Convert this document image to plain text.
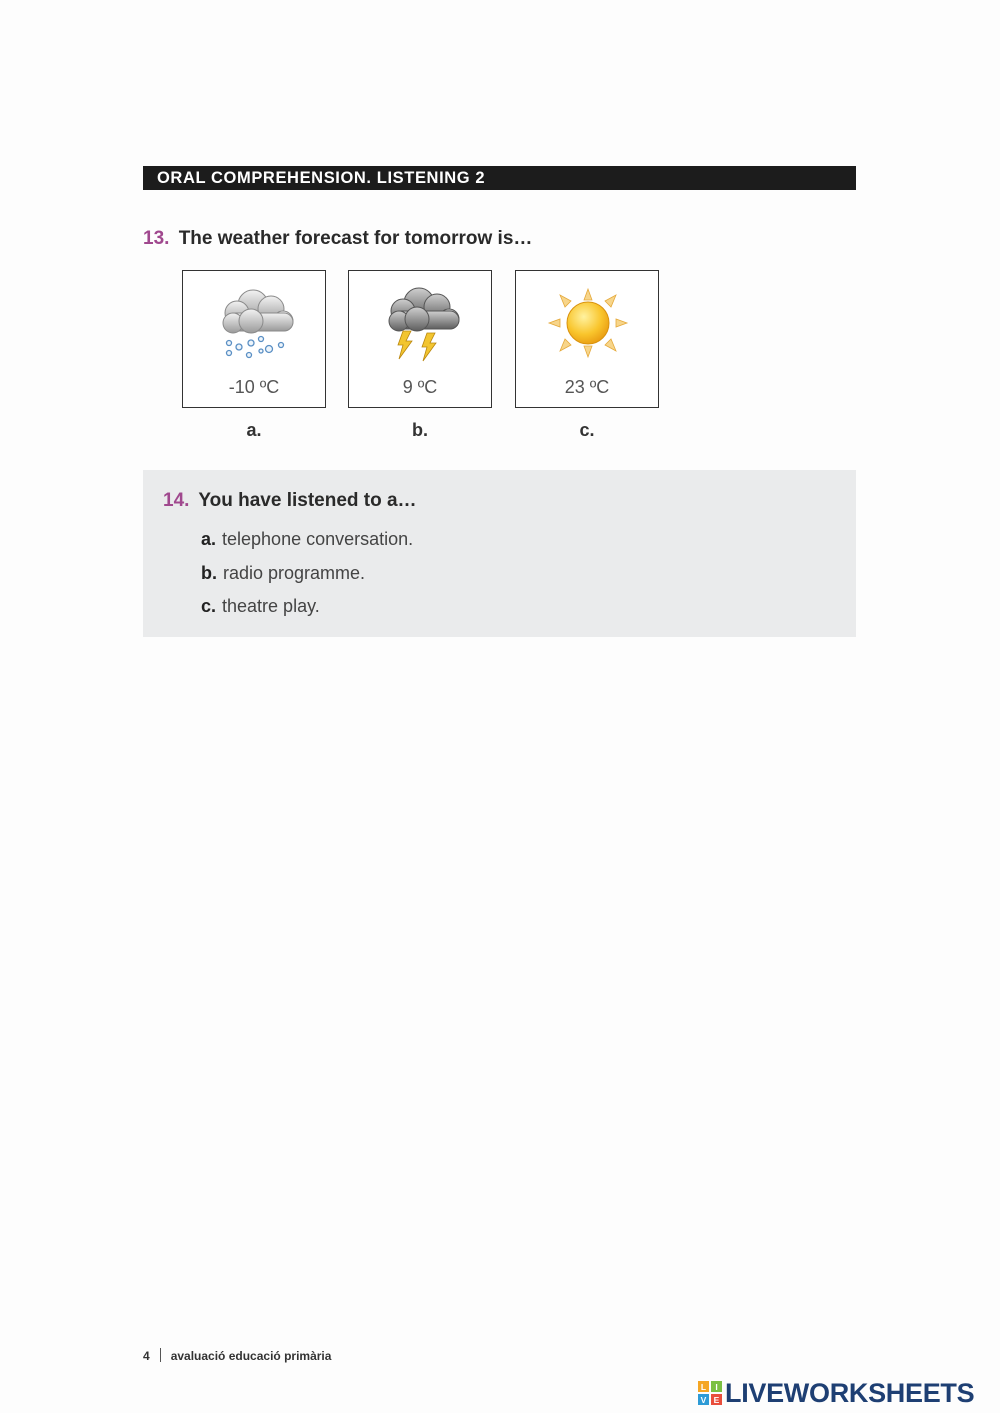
ORAL COMPREHENSION. LISTENING 2
13. The weather forecast for tomorrow is…
-10 ºC	9 ºC	23 ºC
a.	b.	c.
14. You have listened to a…
a. telephone conversation.
b. radio programme.
c. theatre play.
4 avaluació educació primària
L I
V E LIVEWORKSHEETS
